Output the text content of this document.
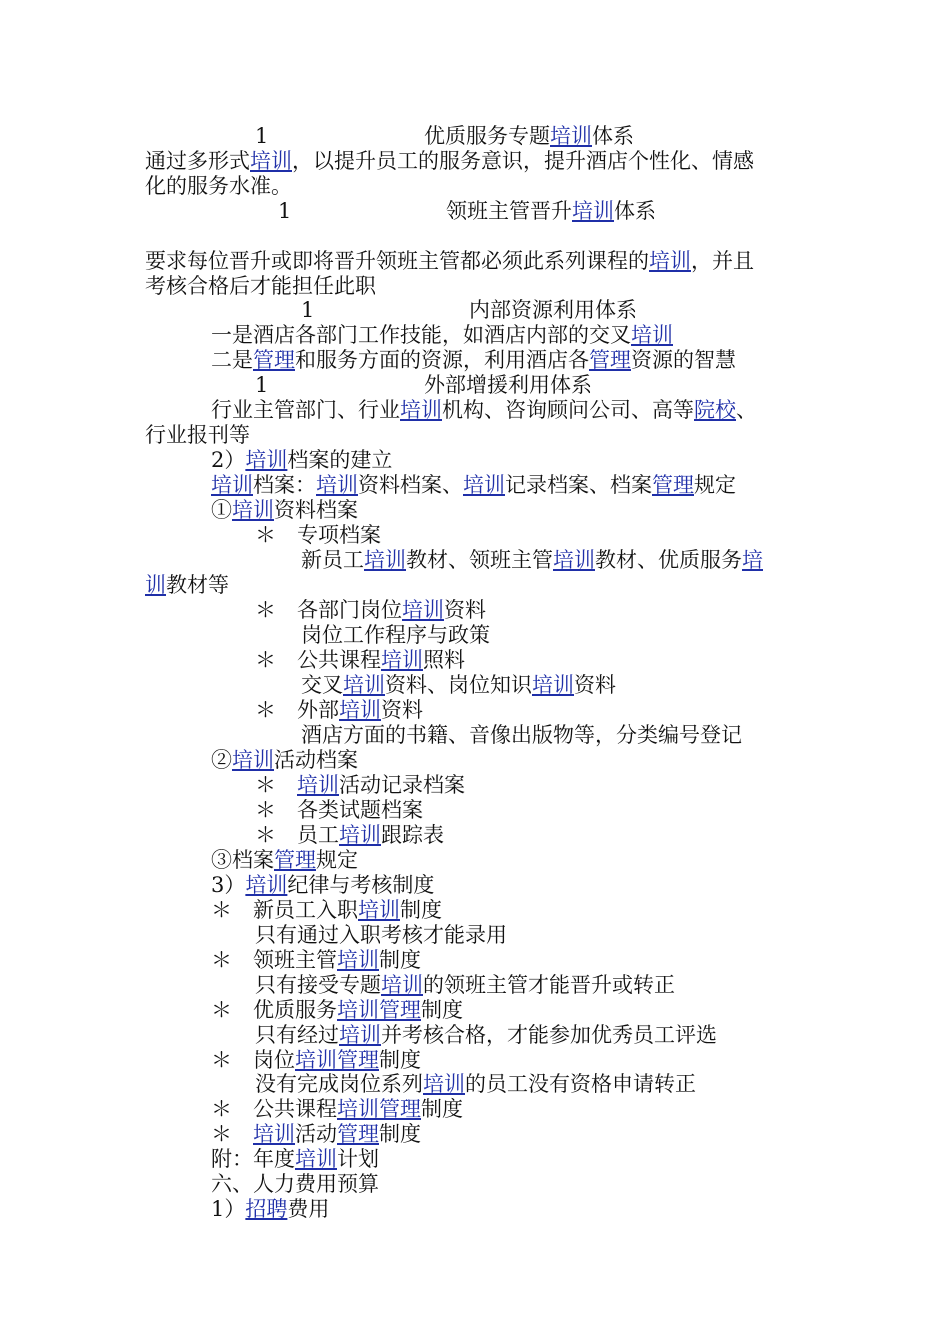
1	优质服务专题培训体系
通过多形式培训，以提升员工的服务意识，提升酒店个性化、情感
化的服务水准。
1	领班主管晋升培训体系
要求每位晋升或即将晋升领班主管都必须此系列课程的培训，并且
考核合格后才能担任此职
1	内部资源利用体系
一是酒店各部门工作技能，如酒店内部的交叉培训
二是管理和服务方面的资源，利用酒店各管理资源的智慧
1	外部增援利用体系
行业主管部门、行业培训机构、咨询顾问公司、高等院校、
行业报刊等
2）培训档案的建立
培训档案：培训资料档案、培训记录档案、档案管理规定
①培训资料档案
＊　专项档案
新员工培训教材、领班主管培训教材、优质服务培
训教材等
＊　各部门岗位培训资料
岗位工作程序与政策
＊　公共课程培训照料
交叉培训资料、岗位知识培训资料
＊　外部培训资料
酒店方面的书籍、音像出版物等，分类编号登记
②培训活动档案
＊　培训活动记录档案
＊　各类试题档案
＊　员工培训跟踪表
③档案管理规定
3）培训纪律与考核制度
＊　新员工入职培训制度
只有通过入职考核才能录用
＊　领班主管培训制度
只有接受专题培训的领班主管才能晋升或转正
＊　优质服务培训管理制度
只有经过培训并考核合格，才能参加优秀员工评选
＊　岗位培训管理制度
没有完成岗位系列培训的员工没有资格申请转正
＊　公共课程培训管理制度
＊　培训活动管理制度
附：年度培训计划
六、人力费用预算
1）招聘费用
